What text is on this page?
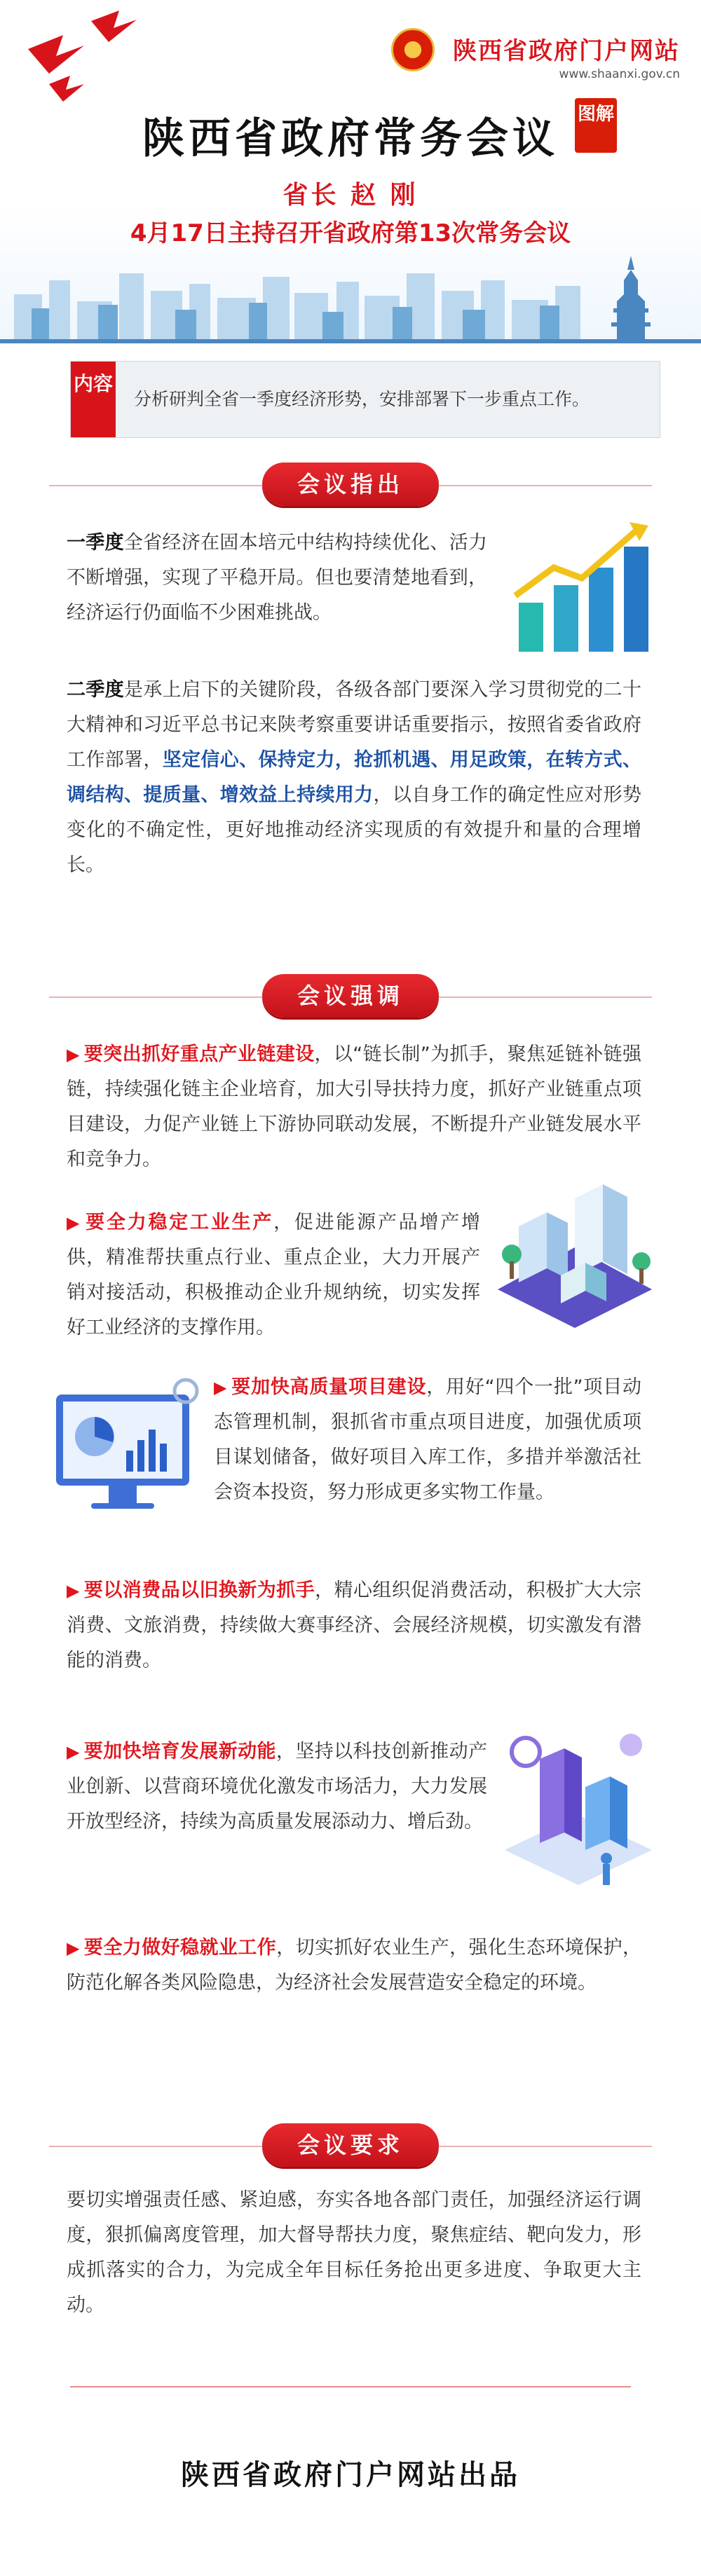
陕西省政府门户网站
www.shaanxi.gov.cn
陕西省政府常务会议	图解
省长 赵 刚
4月17日主持召开省政府第13次常务会议
内容
分析研判全省一季度经济形势，安排部署下一步重点工作。
会议指出
一季度全省经济在固本培元中结构持续优化、活力不断增强，实现了平稳开局。但也要清楚地看到，经济运行仍面临不少困难挑战。
二季度是承上启下的关键阶段，各级各部门要深入学习贯彻党的二十大精神和习近平总书记来陕考察重要讲话重要指示，按照省委省政府工作部署，坚定信心、保持定力，抢抓机遇、用足政策，在转方式、调结构、提质量、增效益上持续用力，以自身工作的确定性应对形势变化的不确定性，更好地推动经济实现质的有效提升和量的合理增长。
会议强调
▶ 要突出抓好重点产业链建设，以“链长制”为抓手，聚焦延链补链强链，持续强化链主企业培育，加大引导扶持力度，抓好产业链重点项目建设，力促产业链上下游协同联动发展，不断提升产业链发展水平和竞争力。
▶ 要全力稳定工业生产，促进能源产品增产增供，精准帮扶重点行业、重点企业，大力开展产销对接活动，积极推动企业升规纳统，切实发挥好工业经济的支撑作用。
▶ 要加快高质量项目建设，用好“四个一批”项目动态管理机制，狠抓省市重点项目进度，加强优质项目谋划储备，做好项目入库工作，多措并举激活社会资本投资，努力形成更多实物工作量。
▶ 要以消费品以旧换新为抓手，精心组织促消费活动，积极扩大大宗消费、文旅消费，持续做大赛事经济、会展经济规模，切实激发有潜能的消费。
▶ 要加快培育发展新动能，坚持以科技创新推动产业创新、以营商环境优化激发市场活力，大力发展开放型经济，持续为高质量发展添动力、增后劲。
▶ 要全力做好稳就业工作，切实抓好农业生产，强化生态环境保护，防范化解各类风险隐患，为经济社会发展营造安全稳定的环境。
会议要求
要切实增强责任感、紧迫感，夯实各地各部门责任，加强经济运行调度，狠抓偏离度管理，加大督导帮扶力度，聚焦症结、靶向发力，形成抓落实的合力，为完成全年目标任务抢出更多进度、争取更大主动。
陕西省政府门户网站出品
